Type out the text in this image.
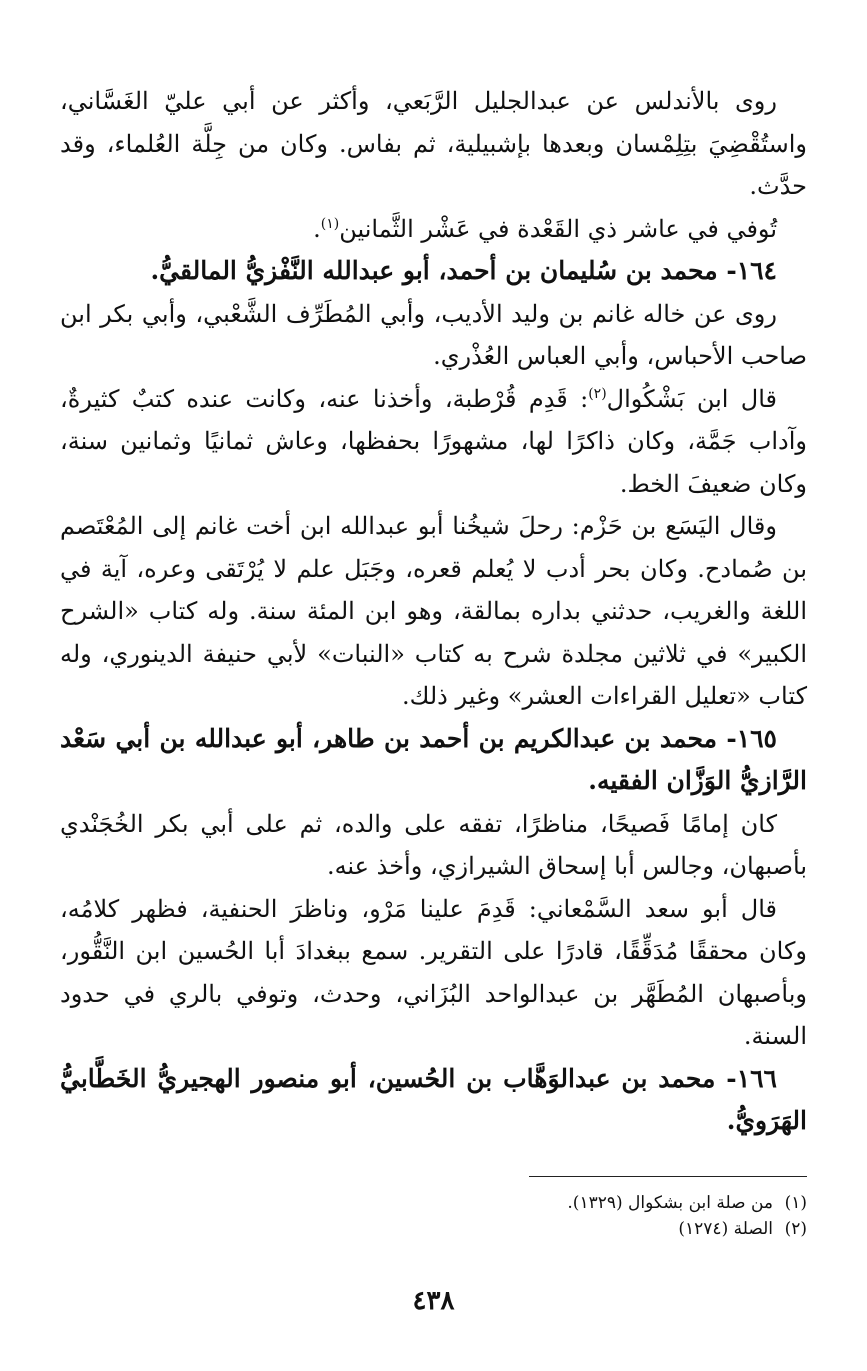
روى بالأندلس عن عبدالجليل الرَّبَعي، وأكثر عن أبي عليّ الغَسَّاني، واستُقْضِيَ بتِلِمْسان وبعدها بإشبيلية، ثم بفاس. وكان من جِلَّة العُلماء، وقد حدَّث.

تُوفي في عاشر ذي القَعْدة في عَشْر الثَّمانين$^{(١)}$.

١٦٤- محمد بن سُليمان بن أحمد، أبو عبدالله النَّفْزيُّ المالقيُّ.

روى عن خاله غانم بن وليد الأديب، وأبي المُطَرِّف الشَّعْبي، وأبي بكر ابن صاحب الأحباس، وأبي العباس العُذْري.

قال ابن بَشْكُوال$^{(٢)}$: قَدِم قُرْطبة، وأخذنا عنه، وكانت عنده كتبٌ كثيرةٌ، وآداب جَمَّة، وكان ذاكرًا لها، مشهورًا بحفظها، وعاش ثمانيًا وثمانين سنة، وكان ضعيفَ الخط.

وقال اليَسَع بن حَزْم: رحلَ شيخُنا أبو عبدالله ابن أخت غانم إلى المُعْتَصم بن صُمادح. وكان بحر أدب لا يُعلم قعره، وجَبَل علم لا يُرْتَقى وعره، آية في اللغة والغريب، حدثني بداره بمالقة، وهو ابن المئة سنة. وله كتاب «الشرح الكبير» في ثلاثين مجلدة شرح به كتاب «النبات» لأبي حنيفة الدينوري، وله كتاب «تعليل القراءات العشر» وغير ذلك.

١٦٥- محمد بن عبدالكريم بن أحمد بن طاهر، أبو عبدالله بن أبي سَعْد الرَّازيُّ الوَزَّان الفقيه.

كان إمامًا فَصيحًا، مناظرًا، تفقه على والده، ثم على أبي بكر الخُجَنْدي بأصبهان، وجالس أبا إسحاق الشيرازي، وأخذ عنه.

قال أبو سعد السَّمْعاني: قَدِمَ علينا مَرْو، وناظرَ الحنفية، فظهر كلامُه، وكان محققًا مُدَقِّقًا، قادرًا على التقرير. سمع ببغدادَ أبا الحُسين ابن النَّقُّور، وبأصبهان المُطَهَّر بن عبدالواحد البُزَاني، وحدث، وتوفي بالري في حدود السنة.

١٦٦- محمد بن عبدالوَهَّاب بن الحُسين، أبو منصور الهجيريُّ الخَطَّابيُّ الهَرَويُّ.

(١)من صلة ابن بشكوال (١٣٢٩).
(٢)الصلة (١٢٧٤)
٤٣٨
